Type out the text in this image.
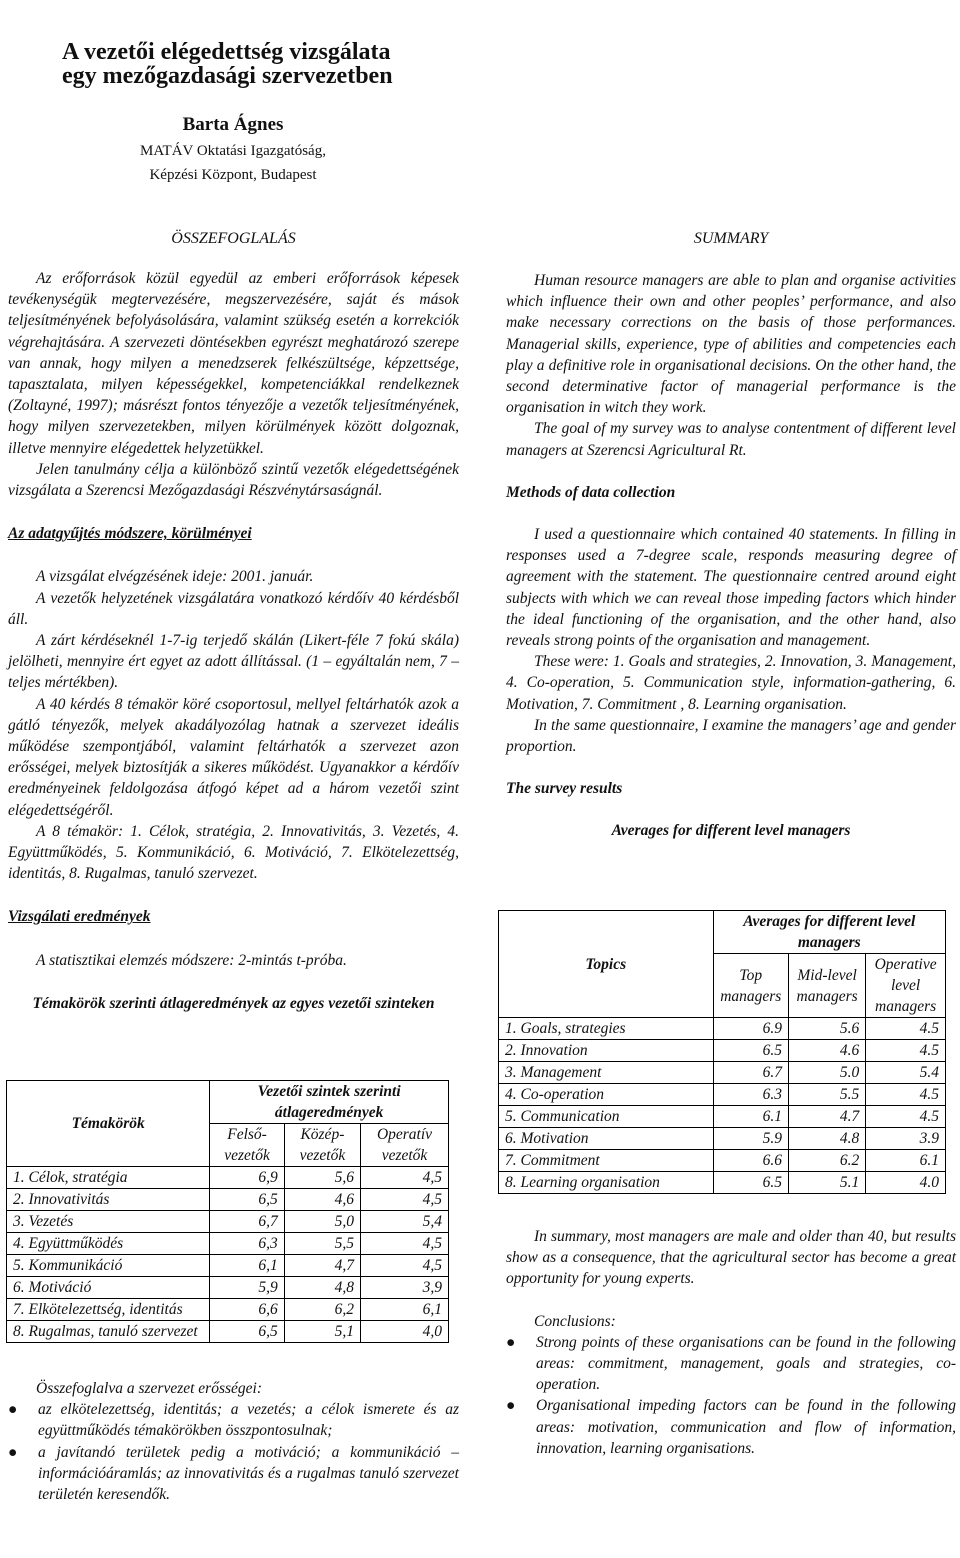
A vezetői elégedettség vizsgálata
egy mezőgazdasági szervezetben
Barta Ágnes
MATÁV Oktatási Igazgatóság,
Képzési Központ, Budapest
ÖSSZEFOGLALÁS

Az erőforrások közül egyedül az emberi erőforrások képesek tevékenységük megtervezésére, megszervezésére, saját és mások teljesítményének befolyásolására, valamint szükség esetén a korrekciók végrehajtására. A szervezeti döntésekben egyrészt meghatározó szerepe van annak, hogy milyen a menedzserek felkészültsége, képzettsége, tapasztalata, milyen képességekkel, kompetenciákkal rendelkeznek (Zoltayné, 1997); másrészt fontos tényezője a vezetők teljesítményének, hogy milyen szervezetekben, milyen körülmények között dolgoznak, illetve mennyire elégedettek helyzetükkel.

Jelen tanulmány célja a különböző szintű vezetők elégedettségének vizsgálata a Szerencsi Mezőgazdasági Részvénytársaságnál.

Az adatgyűjtés módszere, körülményei

A vizsgálat elvégzésének ideje: 2001. január.

A vezetők helyzetének vizsgálatára vonatkozó kérdőív 40 kérdésből áll.

A zárt kérdéseknél 1-7-ig terjedő skálán (Likert-féle 7 fokú skála) jelölheti, mennyire ért egyet az adott állítással. (1 – egyáltalán nem, 7 – teljes mértékben).

A 40 kérdés 8 témakör köré csoportosul, mellyel feltárhatók azok a gátló tényezők, melyek akadályozólag hatnak a szervezet ideális működése szempontjából, valamint feltárhatók a szervezet azon erősségei, melyek biztosítják a sikeres működést. Ugyanakkor a kérdőív eredményeinek feldolgozása átfogó képet ad a három vezetői szint elégedettségéről.

A 8 témakör: 1. Célok, stratégia, 2. Innovativitás, 3. Vezetés, 4. Együttműködés, 5. Kommunikáció, 6. Motiváció, 7. Elkötelezettség, identitás, 8. Rugalmas, tanuló szervezet.

Vizsgálati eredmények

A statisztikai elemzés módszere: 2-mintás t-próba.

Témakörök szerinti átlageredmények az egyes vezetői szinteken

Témakörök	Vezetői szintek szerinti átlageredmények		
	Felső-vezetők	Közép-vezetők	Operatív vezetők
1. Célok, stratégia	6,9	5,6	4,5
2. Innovativitás	6,5	4,6	4,5
3. Vezetés	6,7	5,0	5,4
4. Együttműködés	6,3	5,5	4,5
5. Kommunikáció	6,1	4,7	4,5
6. Motiváció	5,9	4,8	3,9
7. Elkötelezettség, identitás	6,6	6,2	6,1
8. Rugalmas, tanuló szervezet	6,5	5,1	4,0

Összefoglalva a szervezet erősségei:

● az elkötelezettség, identitás; a vezetés; a célok ismerete és az együttműködés témakörökben összpontosulnak;
● a javítandó területek pedig a motiváció; a kommunikáció – információáramlás; az innovativitás és a rugalmas tanuló szervezet területén keresendők.
SUMMARY

Human resource managers are able to plan and organise activities which influence their own and other peoples’ performance, and also make necessary corrections on the basis of those performances. Managerial skills, experience, type of abilities and competencies each play a definitive role in organisational decisions. On the other hand, the second determinative factor of managerial performance is the organisation in witch they work.

The goal of my survey was to analyse contentment of different level managers at Szerencsi Agricultural Rt.

Methods of data collection

I used a questionnaire which contained 40 statements. In filling in responses used a 7-degree scale, responds measuring degree of agreement with the statement. The questionnaire centred around eight subjects with which we can reveal those impeding factors which hinder the ideal functioning of the organisation, and the other hand, also reveals strong points of the organisation and management.

These were: 1. Goals and strategies, 2. Innovation, 3. Management, 4. Co-operation, 5. Communication style, information-gathering, 6. Motivation, 7. Commitment , 8. Learning organisation.

In the same questionnaire, I examine the managers’ age and gender proportion.

The survey results

Averages for different level managers

Topics	Averages for different level managers		
	Top managers	Mid-level managers	Operative level managers
1. Goals, strategies	6.9	5.6	4.5
2. Innovation	6.5	4.6	4.5
3. Management	6.7	5.0	5.4
4. Co-operation	6.3	5.5	4.5
5. Communication	6.1	4.7	4.5
6. Motivation	5.9	4.8	3.9
7. Commitment	6.6	6.2	6.1
8. Learning organisation	6.5	5.1	4.0

In summary, most managers are male and older than 40, but results show as a consequence, that the agricultural sector has become a great opportunity for young experts.

Conclusions:

● Strong points of these organisations can be found in the following areas: commitment, management, goals and strategies, co-operation.
● Organisational impeding factors can be found in the following areas: motivation, communication and flow of information, innovation, learning organisations.
